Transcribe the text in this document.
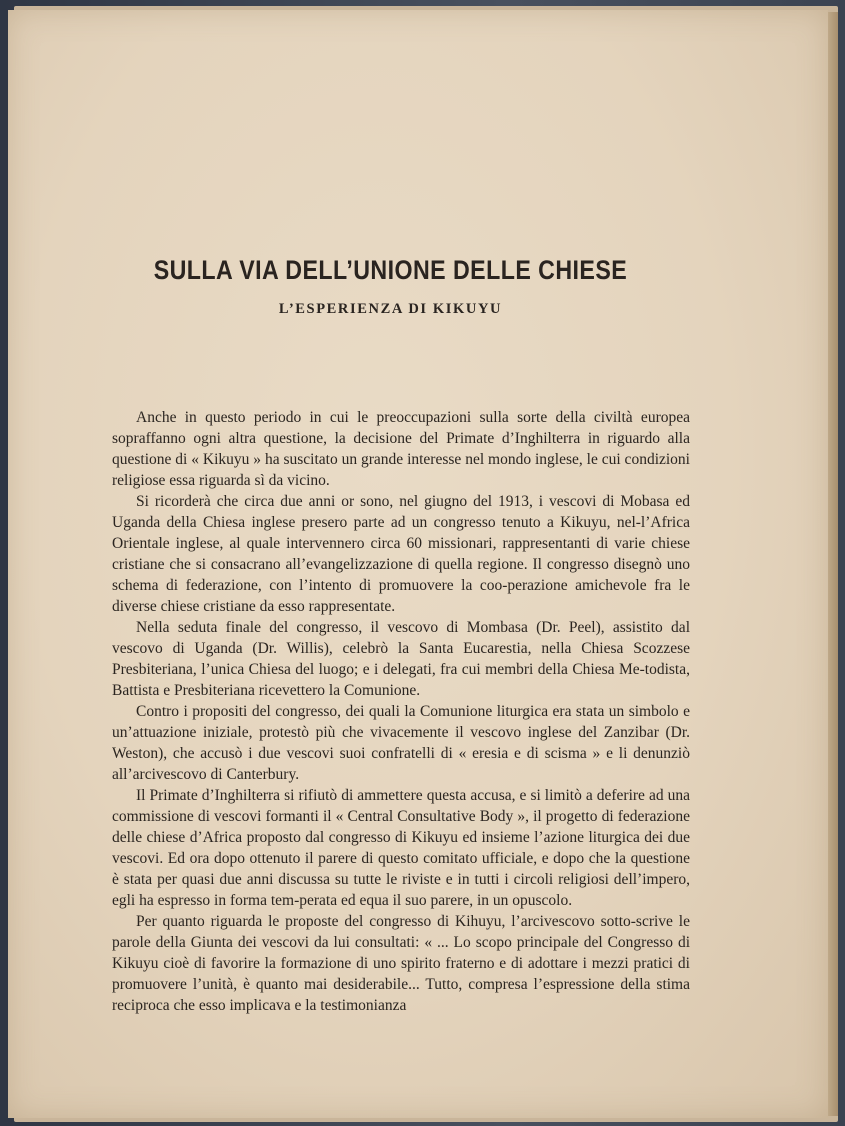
SULLA VIA DELL’UNIONE DELLE CHIESE
L’ESPERIENZA DI KIKUYU

Anche in questo periodo in cui le preoccupazioni sulla sorte della civiltà europea sopraffanno ogni altra questione, la decisione del Primate d’Inghilterra in riguardo alla questione di « Kikuyu » ha suscitato un grande interesse nel mondo inglese, le cui condizioni religiose essa riguarda sì da vicino.

Si ricorderà che circa due anni or sono, nel giugno del 1913, i vescovi di Mobasa ed Uganda della Chiesa inglese presero parte ad un congresso tenuto a Kikuyu, nel-l’Africa Orientale inglese, al quale intervennero circa 60 missionari, rappresentanti di varie chiese cristiane che si consacrano all’evangelizzazione di quella regione. Il congresso disegnò uno schema di federazione, con l’intento di promuovere la coo-perazione amichevole fra le diverse chiese cristiane da esso rappresentate.

Nella seduta finale del congresso, il vescovo di Mombasa (Dr. Peel), assistito dal vescovo di Uganda (Dr. Willis), celebrò la Santa Eucarestia, nella Chiesa Scozzese Presbiteriana, l’unica Chiesa del luogo; e i delegati, fra cui membri della Chiesa Me-todista, Battista e Presbiteriana ricevettero la Comunione.

Contro i propositi del congresso, dei quali la Comunione liturgica era stata un simbolo e un’attuazione iniziale, protestò più che vivacemente il vescovo inglese del Zanzibar (Dr. Weston), che accusò i due vescovi suoi confratelli di « eresia e di scisma » e li denunziò all’arcivescovo di Canterbury.

Il Primate d’Inghilterra si rifiutò di ammettere questa accusa, e si limitò a deferire ad una commissione di vescovi formanti il « Central Consultative Body », il progetto di federazione delle chiese d’Africa proposto dal congresso di Kikuyu ed insieme l’azione liturgica dei due vescovi. Ed ora dopo ottenuto il parere di questo comitato ufficiale, e dopo che la questione è stata per quasi due anni discussa su tutte le riviste e in tutti i circoli religiosi dell’impero, egli ha espresso in forma tem-perata ed equa il suo parere, in un opuscolo.

Per quanto riguarda le proposte del congresso di Kihuyu, l’arcivescovo sotto-scrive le parole della Giunta dei vescovi da lui consultati: « ... Lo scopo principale del Congresso di Kikuyu cioè di favorire la formazione di uno spirito fraterno e di adottare i mezzi pratici di promuovere l’unità, è quanto mai desiderabile... Tutto, compresa l’espressione della stima reciproca che esso implicava e la testimonianza
